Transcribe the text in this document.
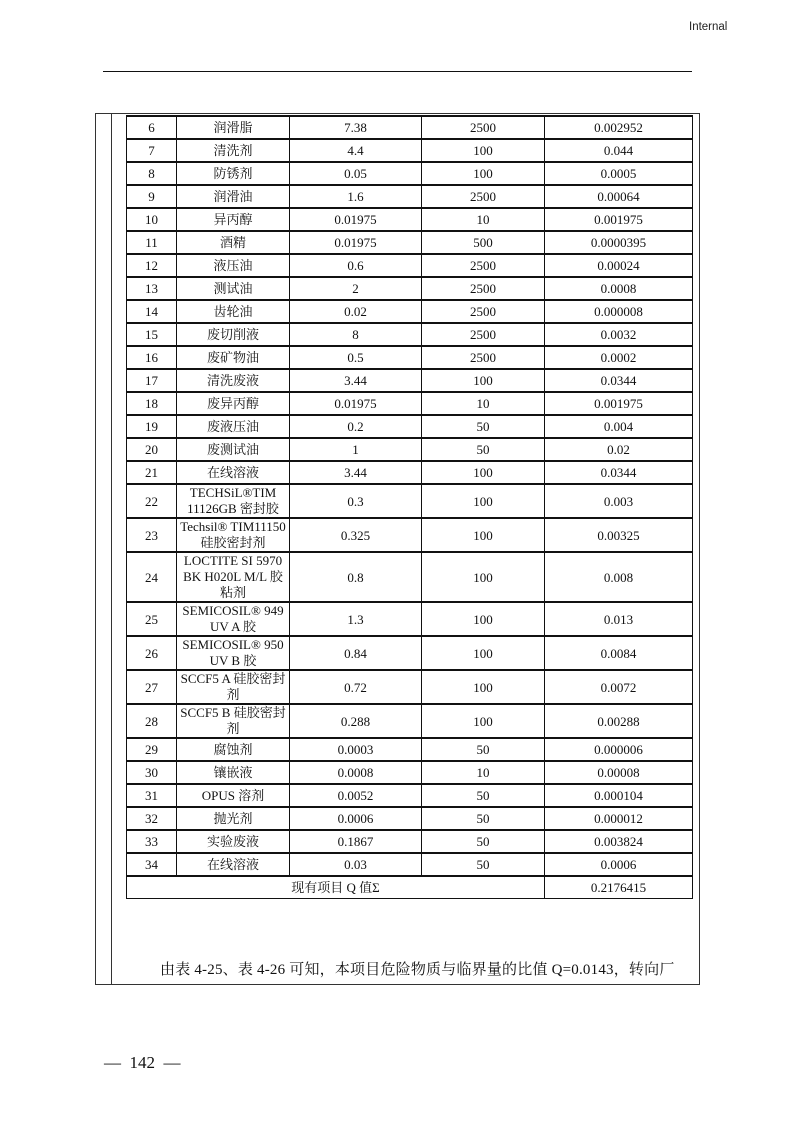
Internal
6	润滑脂	7.38	2500	0.002952
7	清洗剂	4.4	100	0.044
8	防锈剂	0.05	100	0.0005
9	润滑油	1.6	2500	0.00064
10	异丙醇	0.01975	10	0.001975
11	酒精	0.01975	500	0.0000395
12	液压油	0.6	2500	0.00024
13	测试油	2	2500	0.0008
14	齿轮油	0.02	2500	0.000008
15	废切削液	8	2500	0.0032
16	废矿物油	0.5	2500	0.0002
17	清洗废液	3.44	100	0.0344
18	废异丙醇	0.01975	10	0.001975
19	废液压油	0.2	50	0.004
20	废测试油	1	50	0.02
21	在线溶液	3.44	100	0.0344
22	TECHSiL®TIM 11126GB 密封胶	0.3	100	0.003
23	Techsil® TIM11150 硅胶密封剂	0.325	100	0.00325
24	LOCTITE SI 5970 BK H020L M/L 胶粘剂	0.8	100	0.008
25	SEMICOSIL® 949 UV A 胶	1.3	100	0.013
26	SEMICOSIL® 950 UV B 胶	0.84	100	0.0084
27	SCCF5 A 硅胶密封剂	0.72	100	0.0072
28	SCCF5 B 硅胶密封剂	0.288	100	0.00288
29	腐蚀剂	0.0003	50	0.000006
30	镶嵌液	0.0008	10	0.00008
31	OPUS 溶剂	0.0052	50	0.000104
32	抛光剂	0.0006	50	0.000012
33	实验废液	0.1867	50	0.003824
34	在线溶液	0.03	50	0.0006
现有项目 Q 值Σ				0.2176415
由表 4-25、表 4-26 可知，本项目危险物质与临界量的比值 Q=0.0143，转向厂
—  142  —
